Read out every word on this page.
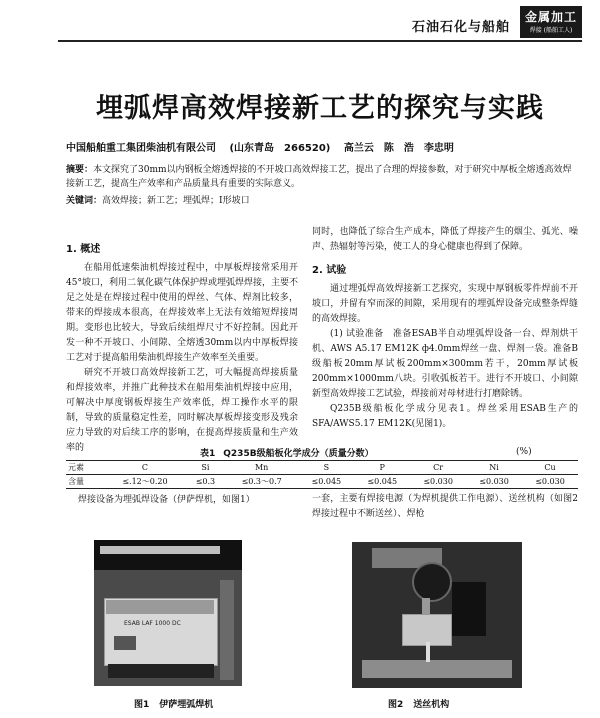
石油石化与船舶
金属加工
焊接 (船舶工人)
埋弧焊高效焊接新工艺的探究与实践
中国船舶重工集团柴油机有限公司 (山东青岛　266520) 高兰云　陈　浩　李忠明
摘要：本文探究了30mm以内钢板全熔透焊接的不开坡口高效焊接工艺，提出了合理的焊接参数，对于研究中厚板全熔透高效焊接新工艺，提高生产效率和产品质量具有重要的实际意义。
关键词：高效焊接；新工艺；埋弧焊；I形坡口
1. 概述

在船用低速柴油机焊接过程中，中厚板焊接常采用开45°坡口，利用二氧化碳气体保护焊或埋弧焊焊接，主要不足之处是在焊接过程中使用的焊丝、气体、焊剂比较多，带来的焊接成本很高，在焊接效率上无法有效缩短焊接周期。变形也比较大，导致后续组焊尺寸不好控制。因此开发一种不开坡口、小间隙、全熔透30mm以内中厚板焊接工艺对于提高船用柴油机焊接生产效率至关重要。

研究不开坡口高效焊接新工艺，可大幅提高焊接质量和焊接效率，并推广此种技术在船用柴油机焊接中应用，可解决中厚度钢板焊接生产效率低，焊工操作水平的限制，导致的质量稳定性差，同时解决厚板焊接变形及残余应力导致的对后续工序的影响，在提高焊接质量和生产效率的

同时，也降低了综合生产成本，降低了焊接产生的烟尘、弧光、噪声、热辐射等污染，使工人的身心健康也得到了保障。

2. 试验

通过埋弧焊高效焊接新工艺探究，实现中厚钢板零件焊前不开坡口，并留有窄而深的间隙，采用现有的埋弧焊设备完成整条焊缝的高效焊接。

(1) 试验准备　准备ESAB半自动埋弧焊设备一台、焊剂烘干机、AWS A5.17 EM12K ф4.0mm焊丝一盘、焊剂一袋。准备B级船板20mm厚试板200mm×300mm若干，20mm厚试板200mm×1000mm八块。引收弧板若干。进行不开坡口、小间隙新型高效焊接工艺试验，焊接前对母材进行打磨除锈。

Q235B级船板化学成分见表1。焊丝采用ESAB生产的SFA/AWS5.17 EM12K(见图1)。

表1 Q235B级船板化学成分（质量分数）	(%)
元素	C	Si	Mn	S	P	Cr	Ni	Cu
含量	≤.12～0.20	≤0.3	≤0.3～0.7	≤0.045	≤0.045	≤0.030	≤0.030	≤0.030
焊接设备为埋弧焊设备（伊萨焊机，如图1）	一套，主要有焊接电源（为焊机提供工作电源）、送丝机构（如图2焊接过程中不断送丝）、焊枪
ESAB LAF 1000 DC
图1 伊萨埋弧焊机	图2 送丝机构
